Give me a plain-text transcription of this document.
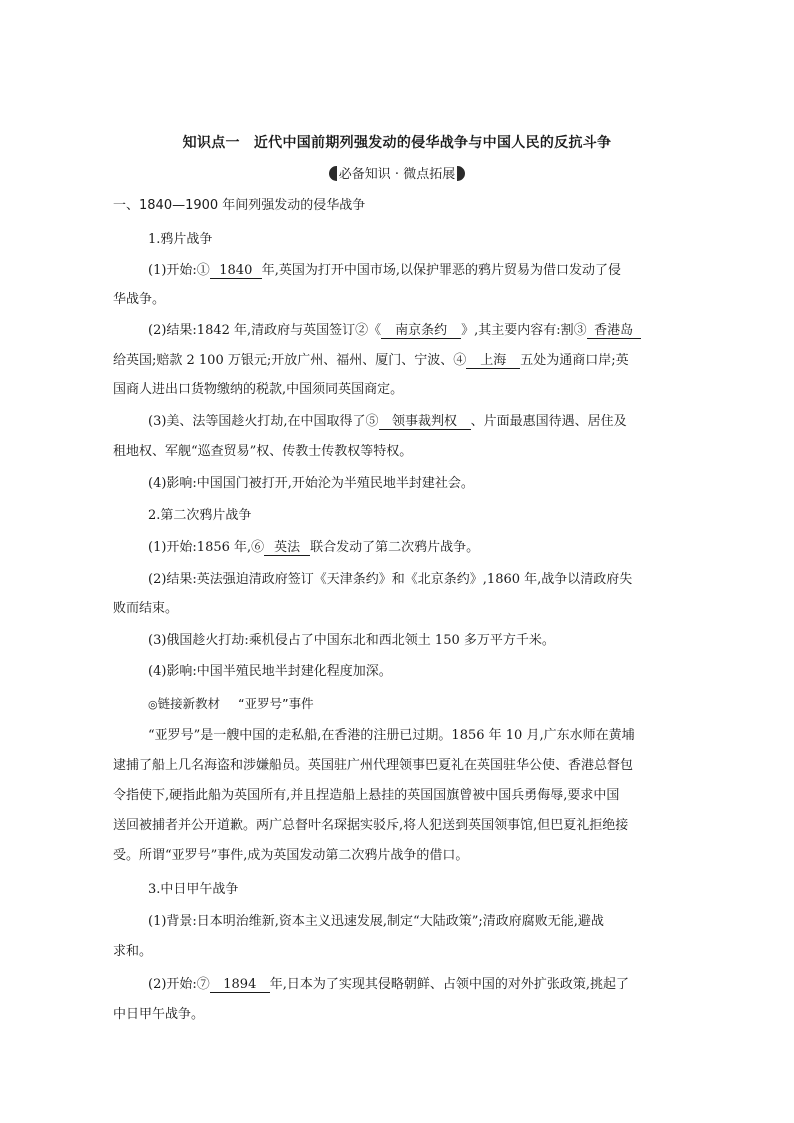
知识点一 近代中国前期列强发动的侵华战争与中国人民的反抗斗争
必备知识 · 微点拓展
一、1840—1900 年间列强发动的侵华战争
1.鸦片战争
(1)开始:① 1840 年,英国为打开中国市场,以保护罪恶的鸦片贸易为借口发动了侵
华战争。
(2)结果:1842 年,清政府与英国签订②《 南京条约 》,其主要内容有:割③ 香港岛
给英国;赔款 2 100 万银元;开放广州、福州、厦门、宁波、④ 上海 五处为通商口岸;英
国商人进出口货物缴纳的税款,中国须同英国商定。
(3)美、法等国趁火打劫,在中国取得了⑤ 领事裁判权 、片面最惠国待遇、居住及
租地权、军舰“巡查贸易”权、传教士传教权等特权。
(4)影响:中国国门被打开,开始沦为半殖民地半封建社会。
2.第二次鸦片战争
(1)开始:1856 年,⑥ 英法 联合发动了第二次鸦片战争。
(2)结果:英法强迫清政府签订《天津条约》和《北京条约》,1860 年,战争以清政府失
败而结束。
(3)俄国趁火打劫:乘机侵占了中国东北和西北领土 150 多万平方千米。
(4)影响:中国半殖民地半封建化程度加深。
◎链接新教材 “亚罗号”事件
“亚罗号”是一艘中国的走私船,在香港的注册已过期。1856 年 10 月,广东水师在黄埔
逮捕了船上几名海盗和涉嫌船员。英国驻广州代理领事巴夏礼在英国驻华公使、香港总督包
令指使下,硬指此船为英国所有,并且捏造船上悬挂的英国国旗曾被中国兵勇侮辱,要求中国
送回被捕者并公开道歉。两广总督叶名琛据实驳斥,将人犯送到英国领事馆,但巴夏礼拒绝接
受。所谓“亚罗号”事件,成为英国发动第二次鸦片战争的借口。
3.中日甲午战争
(1)背景:日本明治维新,资本主义迅速发展,制定“大陆政策”;清政府腐败无能,避战
求和。
(2)开始:⑦ 1894 年,日本为了实现其侵略朝鲜、占领中国的对外扩张政策,挑起了
中日甲午战争。
